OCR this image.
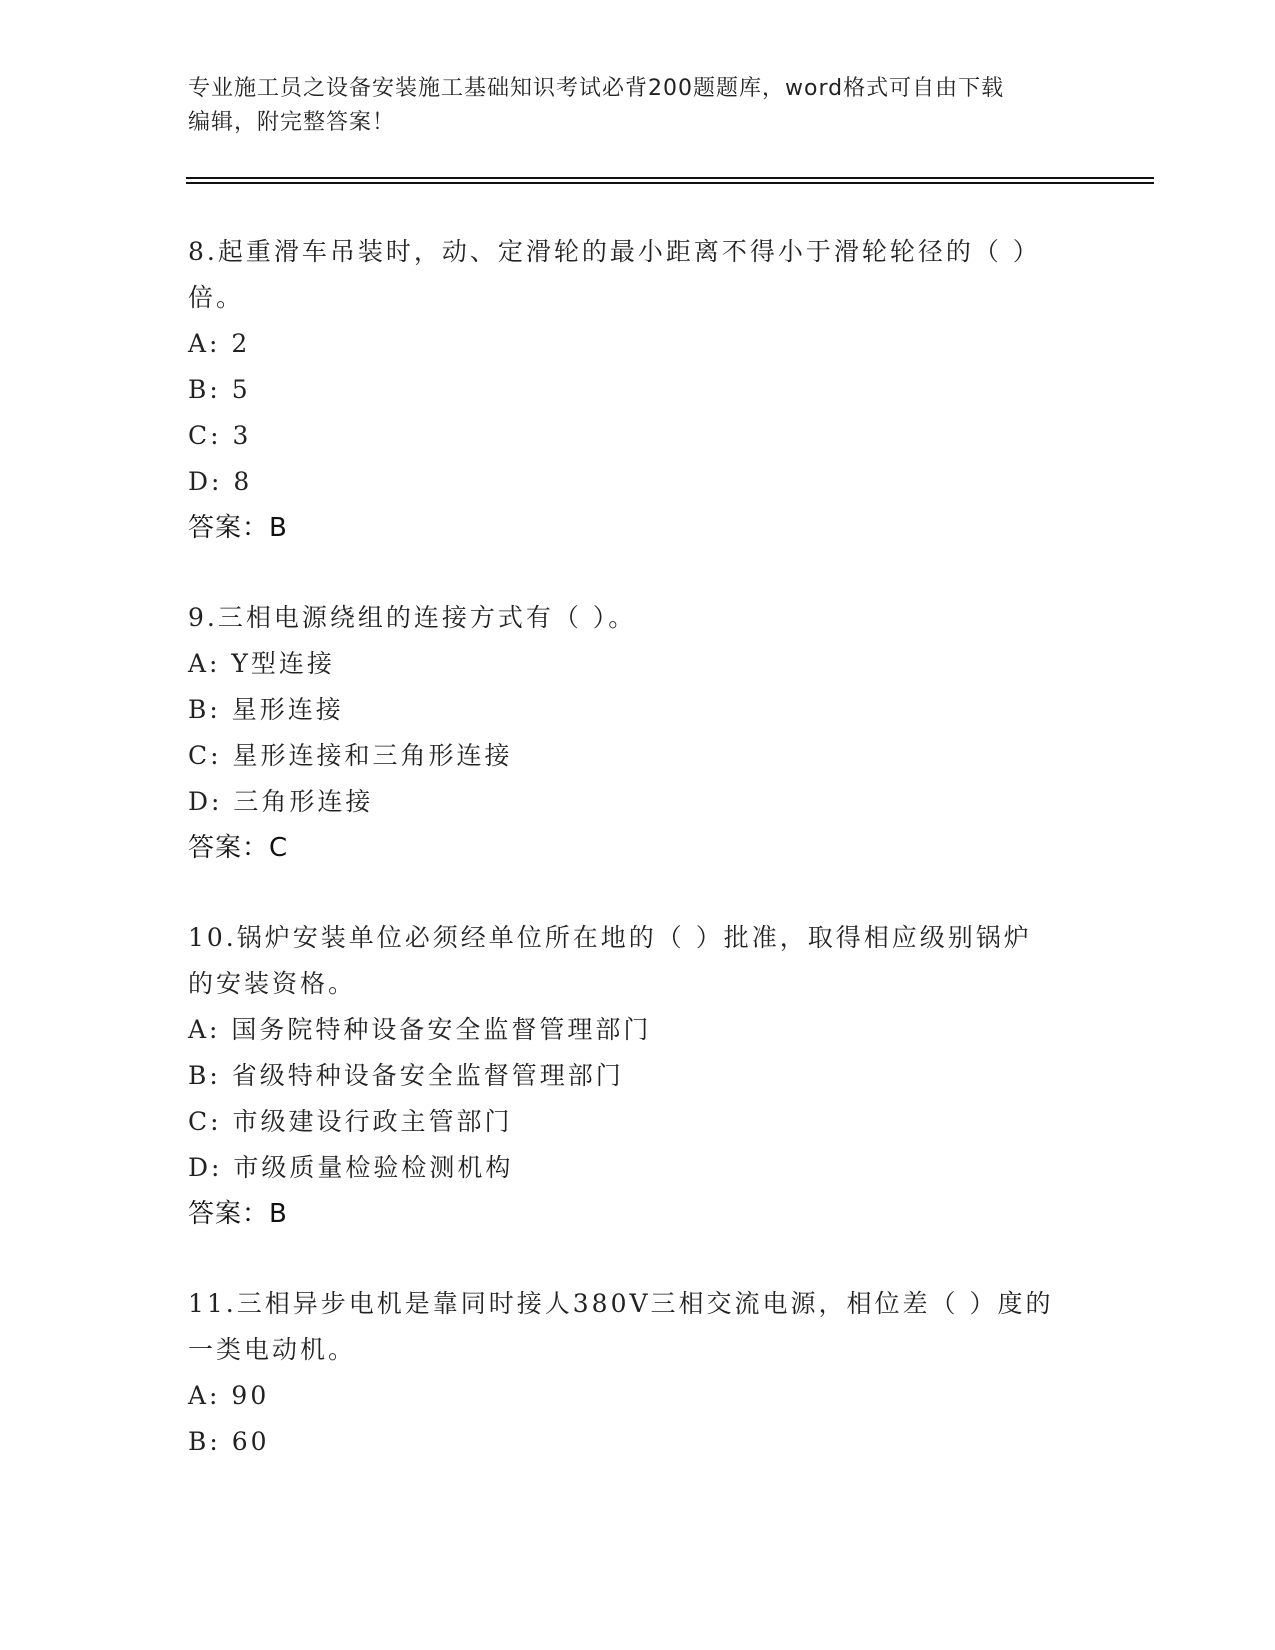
专业施工员之设备安装施工基础知识考试必背200题题库，word格式可自由下载
编辑，附完整答案！
8.起重滑车吊装时，动、定滑轮的最小距离不得小于滑轮轮径的（ ）
倍。
A: 2
B: 5
C: 3
D: 8
答案：B
9.三相电源绕组的连接方式有（ ）。
A: Y型连接
B: 星形连接
C: 星形连接和三角形连接
D: 三角形连接
答案：C
10.锅炉安装单位必须经单位所在地的（ ）批准，取得相应级别锅炉
的安装资格。
A: 国务院特种设备安全监督管理部门
B: 省级特种设备安全监督管理部门
C: 市级建设行政主管部门
D: 市级质量检验检测机构
答案：B
11.三相异步电机是靠同时接人380V三相交流电源，相位差（ ）度的
一类电动机。
A: 90
B: 60
